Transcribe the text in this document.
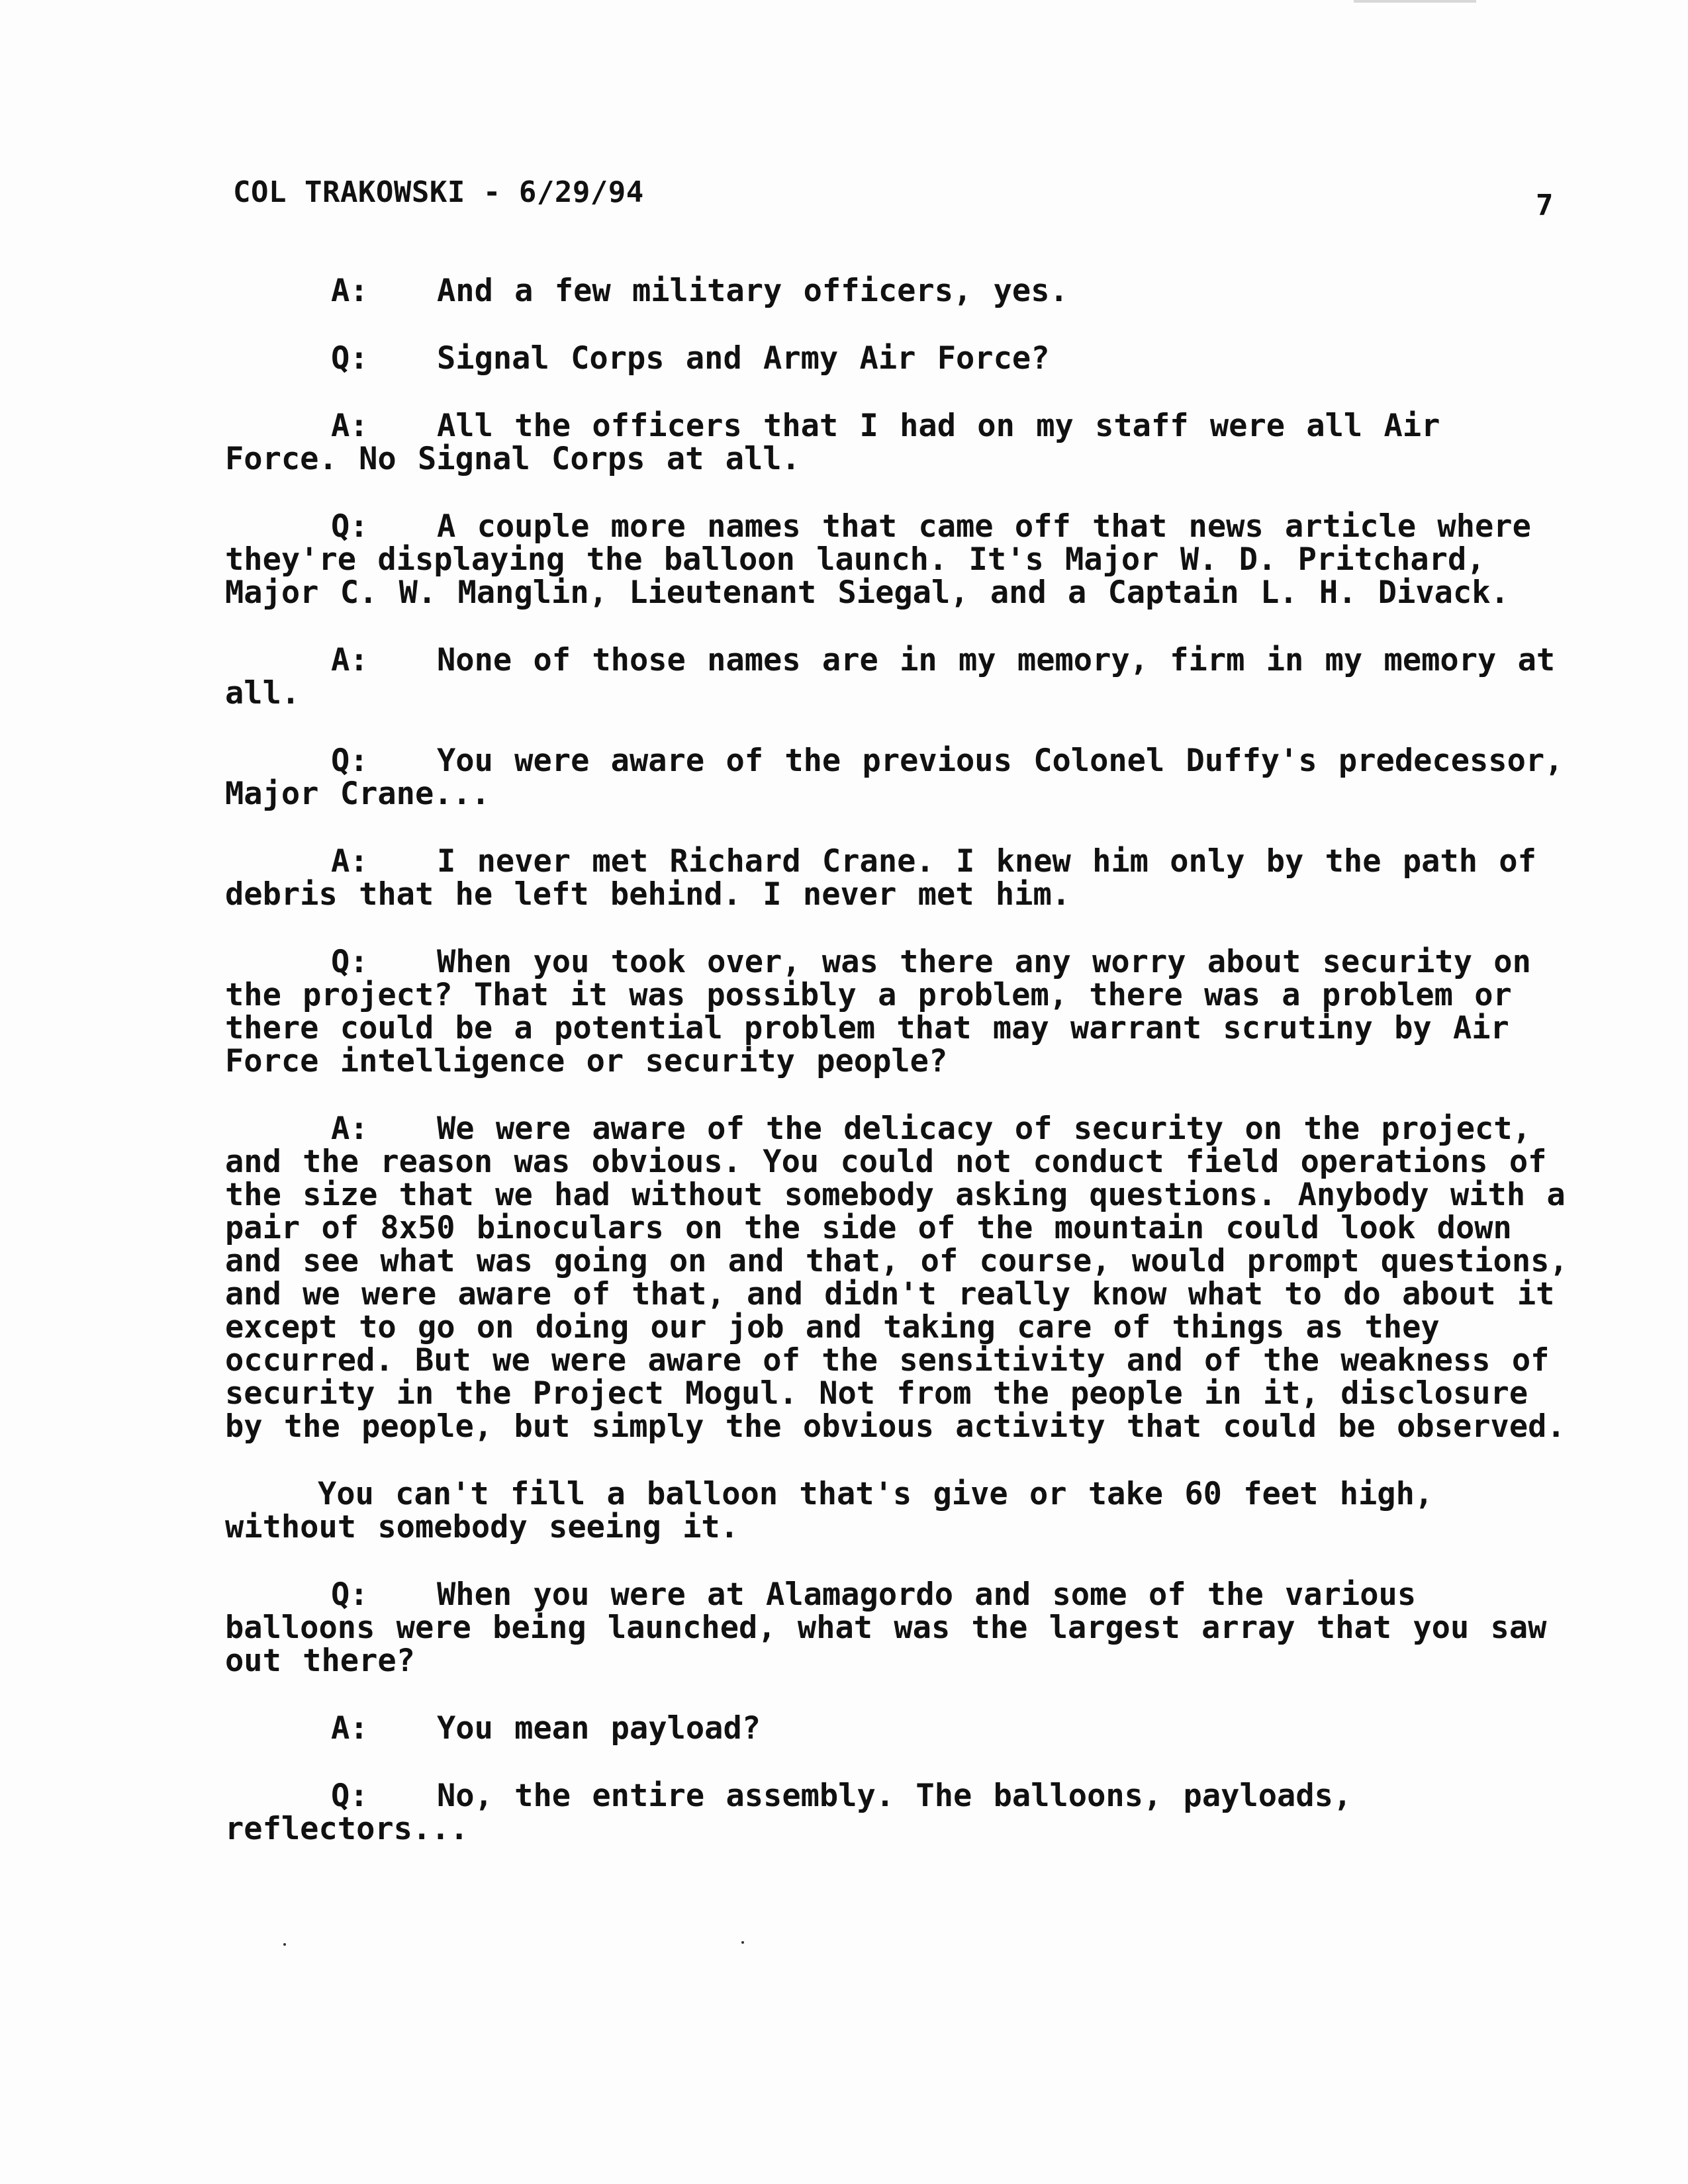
COL TRAKOWSKI - 6/29/94	7

A: And a few military officers, yes.

Q: Signal Corps and Army Air Force?

A: All the officers that I had on my staff were all Air Force. No Signal Corps at all.

Q: A couple more names that came off that news article where they're displaying the balloon launch. It's Major W. D. Pritchard, Major C. W. Manglin, Lieutenant Siegal, and a Captain L. H. Divack.

A: None of those names are in my memory, firm in my memory at all.

Q: You were aware of the previous Colonel Duffy's predecessor, Major Crane...

A: I never met Richard Crane. I knew him only by the path of debris that he left behind. I never met him.

Q: When you took over, was there any worry about security on the project? That it was possibly a problem, there was a problem or there could be a potential problem that may warrant scrutiny by Air Force intelligence or security people?

A: We were aware of the delicacy of security on the project, and the reason was obvious. You could not conduct field operations of the size that we had without somebody asking questions. Anybody with a pair of 8x50 binoculars on the side of the mountain could look down and see what was going on and that, of course, would prompt questions, and we were aware of that, and didn't really know what to do about it except to go on doing our job and taking care of things as they occurred. But we were aware of the sensitivity and of the weakness of security in the Project Mogul. Not from the people in it, disclosure by the people, but simply the obvious activity that could be observed.

You can't fill a balloon that's give or take 60 feet high, without somebody seeing it.

Q: When you were at Alamagordo and some of the various balloons were being launched, what was the largest array that you saw out there?

A: You mean payload?

Q: No, the entire assembly. The balloons, payloads, reflectors...
